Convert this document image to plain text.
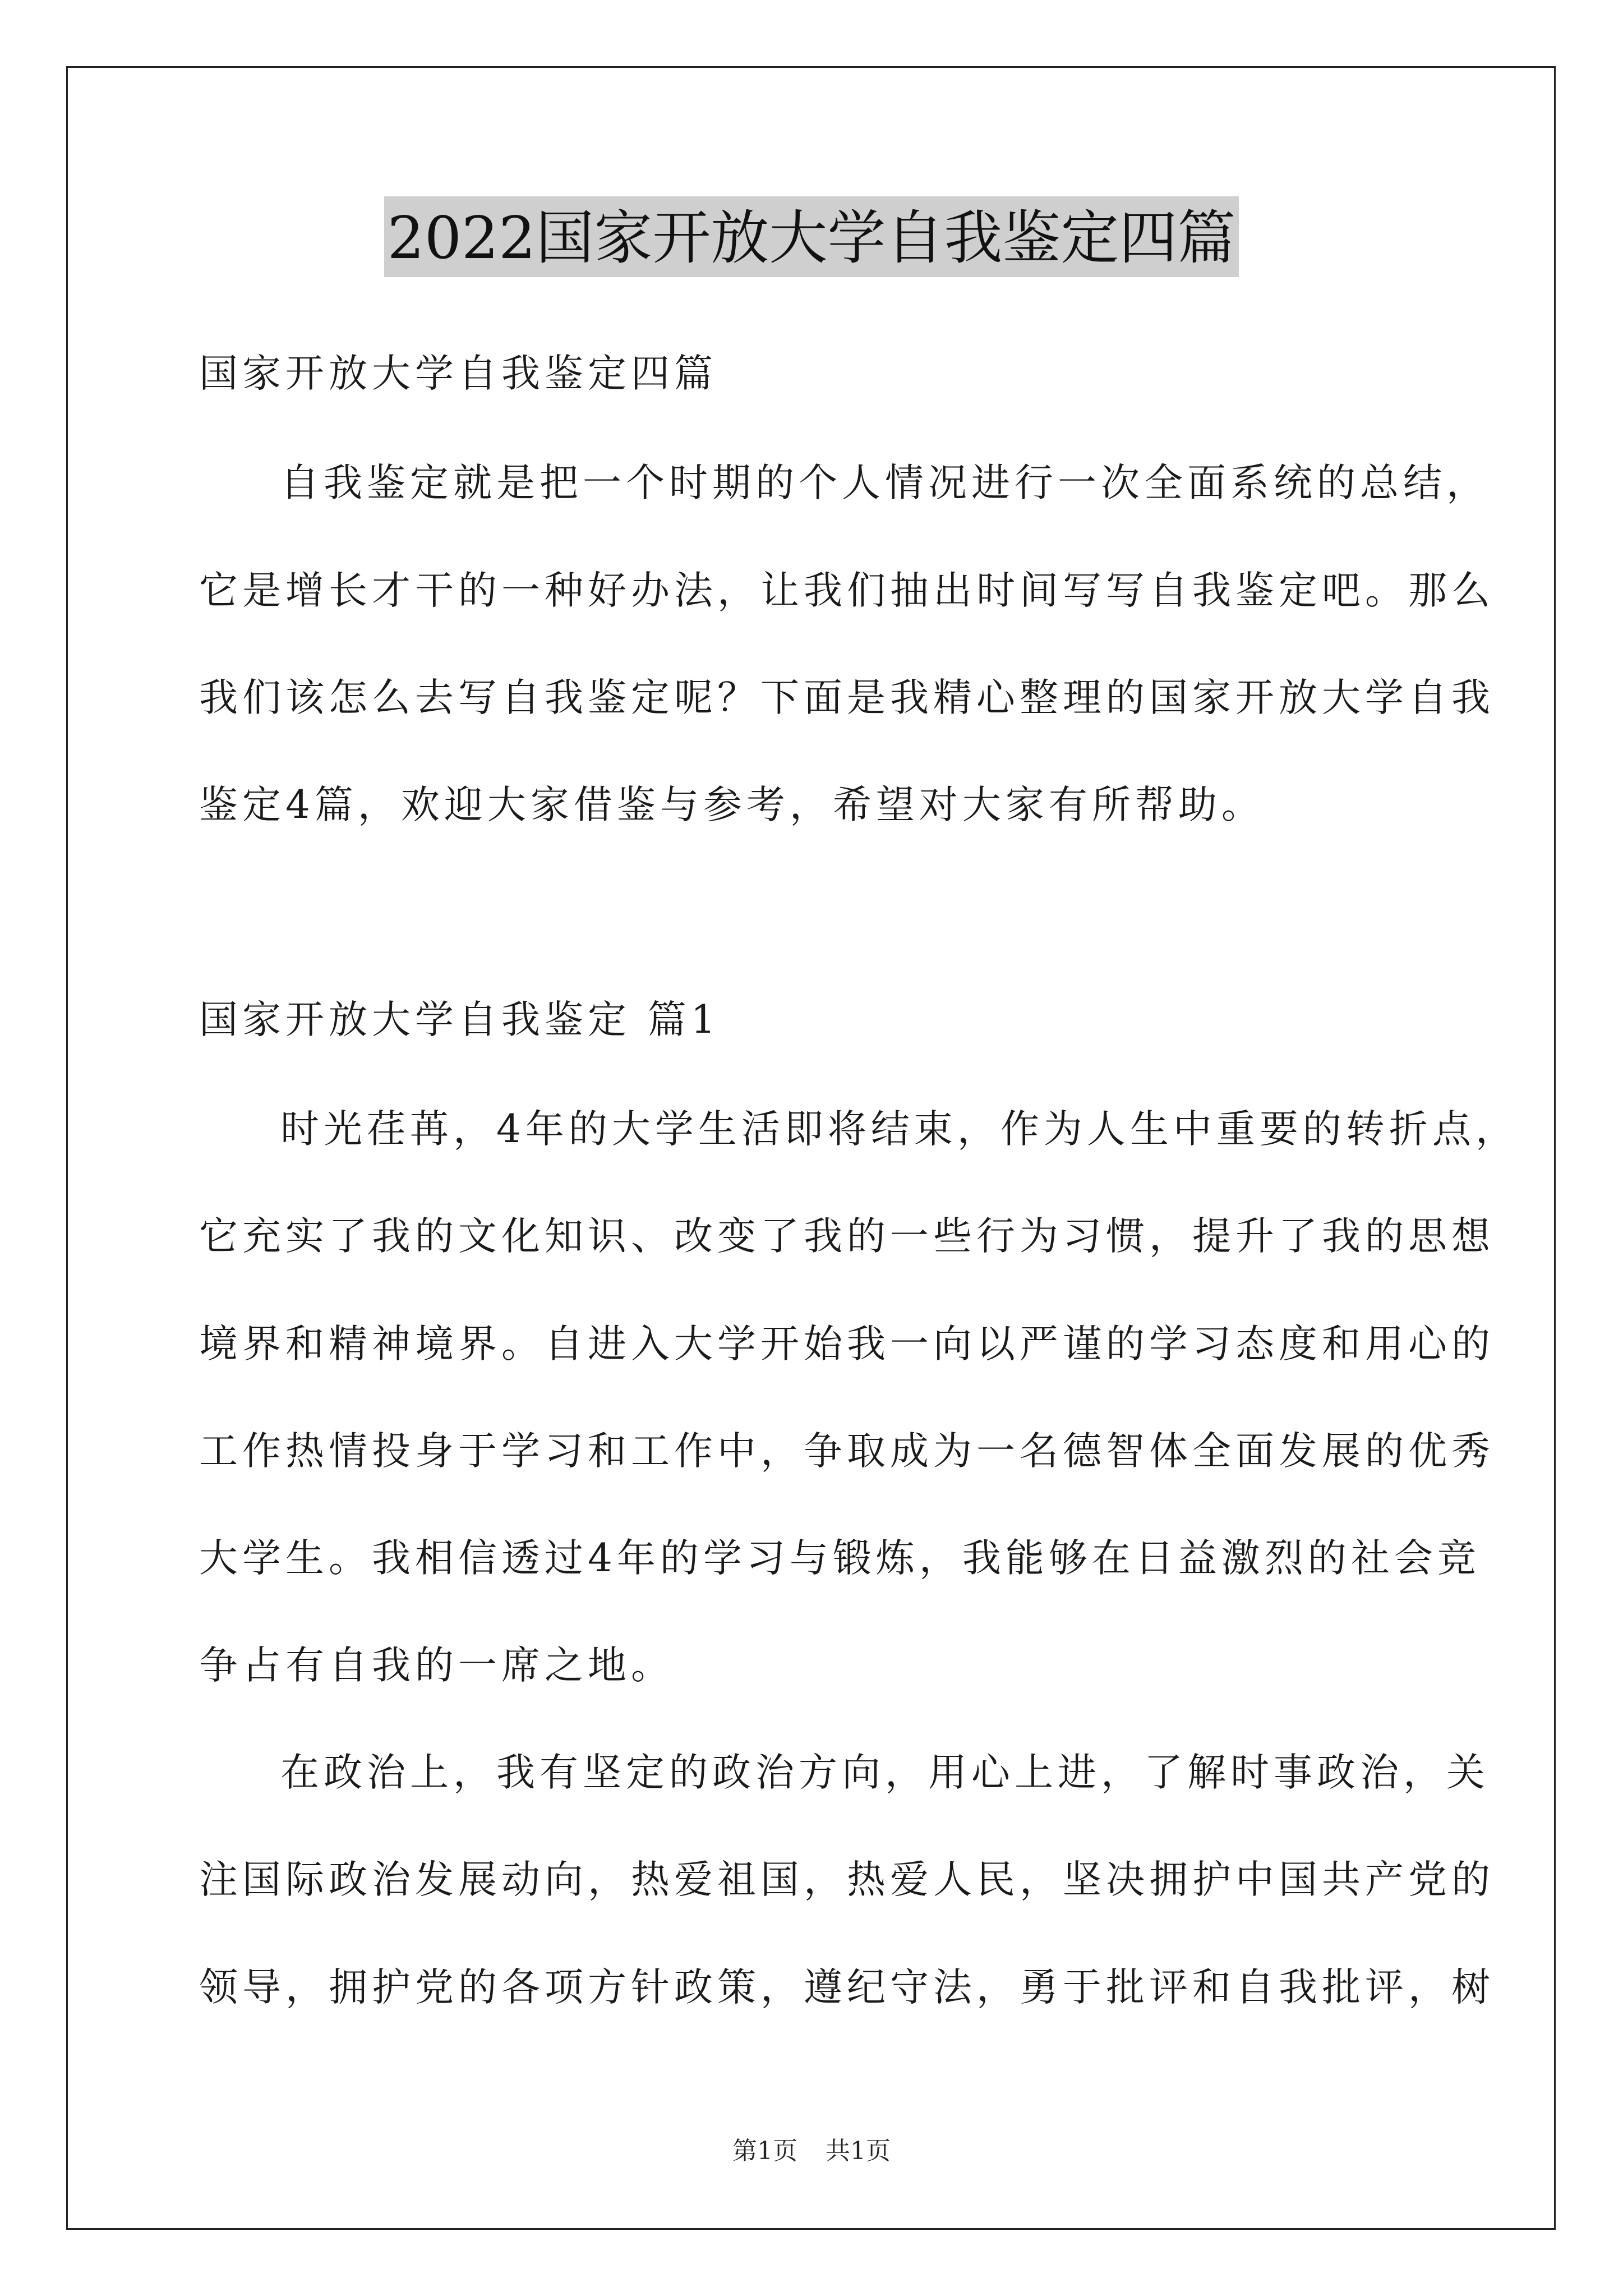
2022国家开放大学自我鉴定四篇
国家开放大学自我鉴定四篇
自我鉴定就是把一个时期的个人情况进行一次全面系统的总结，
它是增长才干的一种好办法，让我们抽出时间写写自我鉴定吧。那么
我们该怎么去写自我鉴定呢？下面是我精心整理的国家开放大学自我
鉴定4篇，欢迎大家借鉴与参考，希望对大家有所帮助。
国家开放大学自我鉴定 篇1
时光荏苒，4年的大学生活即将结束，作为人生中重要的转折点，
它充实了我的文化知识、改变了我的一些行为习惯，提升了我的思想
境界和精神境界。自进入大学开始我一向以严谨的学习态度和用心的
工作热情投身于学习和工作中，争取成为一名德智体全面发展的优秀
大学生。我相信透过4年的学习与锻炼，我能够在日益激烈的社会竞
争占有自我的一席之地。
在政治上，我有坚定的政治方向，用心上进，了解时事政治，关
注国际政治发展动向，热爱祖国，热爱人民，坚决拥护中国共产党的
领导，拥护党的各项方针政策，遵纪守法，勇于批评和自我批评，树
第1页 共1页
